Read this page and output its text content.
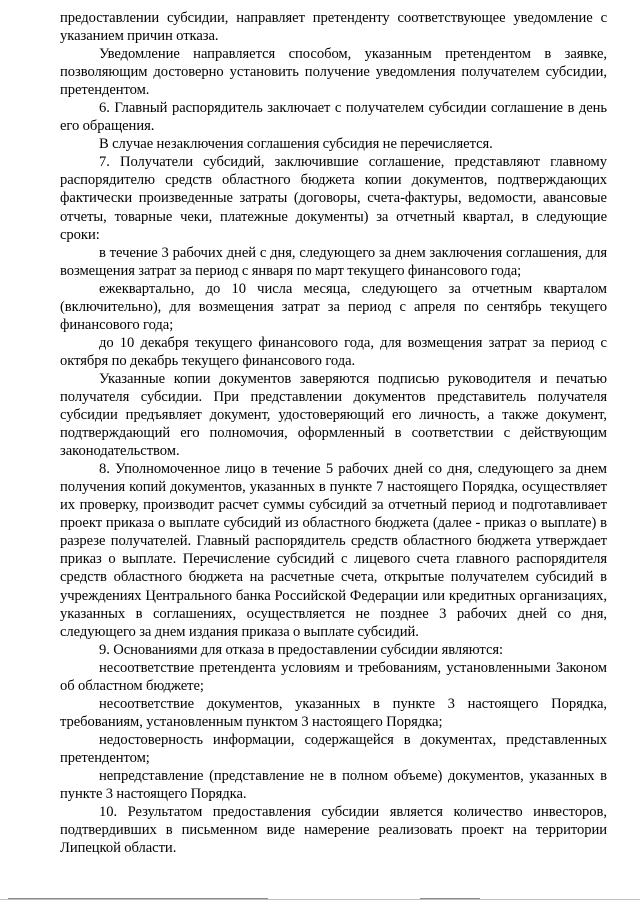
предоставлении субсидии, направляет претенденту соответствующее уведомление с указанием причин отказа.

Уведомление направляется способом, указанным претендентом в заявке, позволяющим достоверно установить получение уведомления получателем субсидии, претендентом.

6. Главный распорядитель заключает с получателем субсидии соглашение в день его обращения.

В случае незаключения соглашения субсидия не перечисляется.

7. Получатели субсидий, заключившие соглашение, представляют главному распорядителю средств областного бюджета копии документов, подтверждающих фактически произведенные затраты (договоры, счета-фактуры, ведомости, авансовые отчеты, товарные чеки, платежные документы) за отчетный квартал, в следующие сроки:

в течение 3 рабочих дней с дня, следующего за днем заключения соглашения, для возмещения затрат за период с января по март текущего финансового года;

ежеквартально, до 10 числа месяца, следующего за отчетным кварталом (включительно), для возмещения затрат за период с апреля по сентябрь текущего финансового года;

до 10 декабря текущего финансового года, для возмещения затрат за период с октября по декабрь текущего финансового года.

Указанные копии документов заверяются подписью руководителя и печатью получателя субсидии. При представлении документов представитель получателя субсидии предъявляет документ, удостоверяющий его личность, а также документ, подтверждающий его полномочия, оформленный в соответствии с действующим законодательством.

8. Уполномоченное лицо в течение 5 рабочих дней со дня, следующего за днем получения копий документов, указанных в пункте 7 настоящего Порядка, осуществляет их проверку, производит расчет суммы субсидий за отчетный период и подготавливает проект приказа о выплате субсидий из областного бюджета (далее - приказ о выплате) в разрезе получателей. Главный распорядитель средств областного бюджета утверждает приказ о выплате. Перечисление субсидий с лицевого счета главного распорядителя средств областного бюджета на расчетные счета, открытые получателем субсидий в учреждениях Центрального банка Российской Федерации или кредитных организациях, указанных в соглашениях, осуществляется не позднее 3 рабочих дней со дня, следующего за днем издания приказа о выплате субсидий.

9. Основаниями для отказа в предоставлении субсидии являются:

несоответствие претендента условиям и требованиям, установленными Законом об областном бюджете;

несоответствие документов, указанных в пункте 3 настоящего Порядка, требованиям, установленным пунктом 3 настоящего Порядка;

недостоверность информации, содержащейся в документах, представленных претендентом;

непредставление (представление не в полном объеме) документов, указанных в пункте 3 настоящего Порядка.

10. Результатом предоставления субсидии является количество инвесторов, подтвердивших в письменном виде намерение реализовать проект на территории Липецкой области.
